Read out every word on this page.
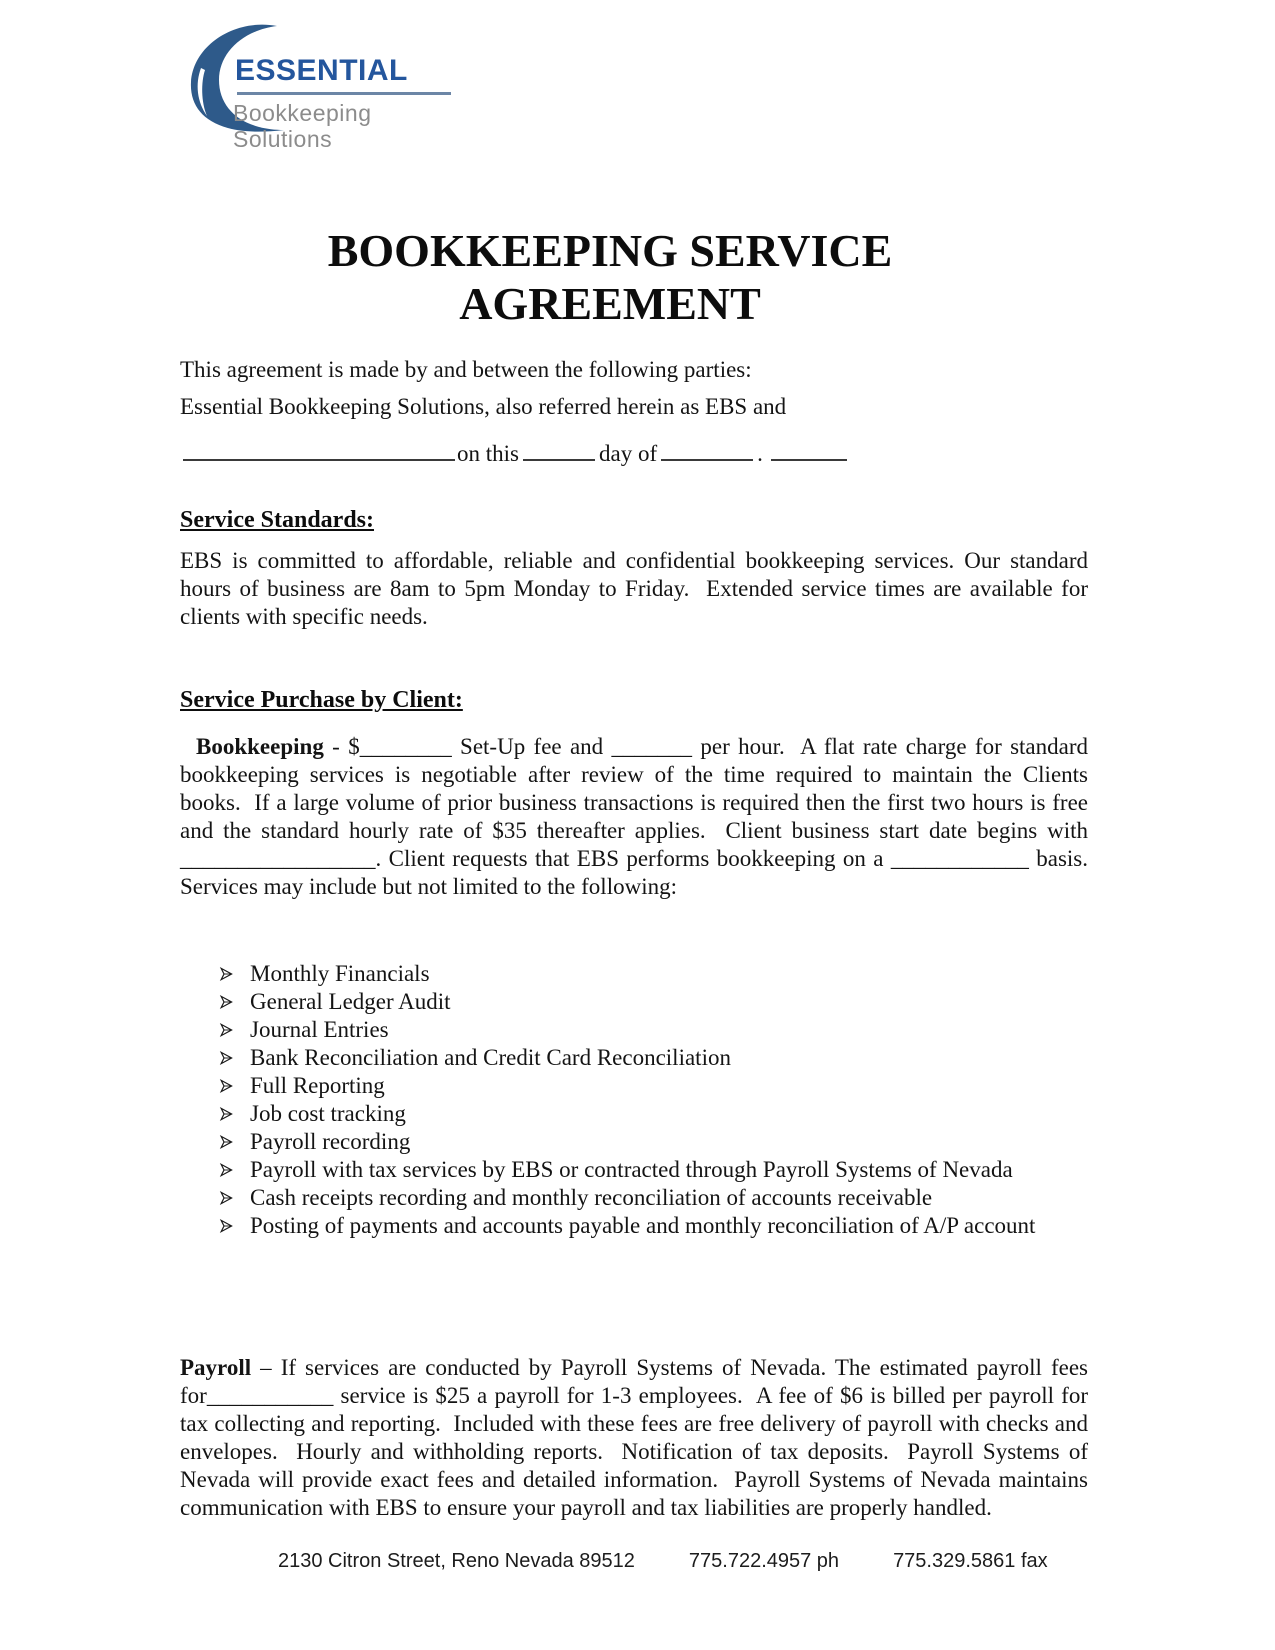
ESSENTIAL
Bookkeeping Solutions
BOOKKEEPING SERVICE
AGREEMENT

This agreement is made by and between the following parties:

Essential Bookkeeping Solutions, also referred herein as EBS and

on this	day of	.
Service Standards:

EBS is committed to affordable, reliable and confidential bookkeeping services. Our standard hours of business are 8am to 5pm Monday to Friday.  Extended service times are available for clients with specific needs.

Service Purchase by Client:

Bookkeeping - $________ Set-Up fee and _______ per hour.  A flat rate charge for standard bookkeeping services is negotiable after review of the time required to maintain the Clients books.  If a large volume of prior business transactions is required then the first two hours is free and the standard hourly rate of $35 thereafter applies.  Client business start date begins with _________________. Client requests that EBS performs bookkeeping on a ____________ basis. Services may include but not limited to the following:

Monthly Financials
General Ledger Audit
Journal Entries
Bank Reconciliation and Credit Card Reconciliation
Full Reporting
Job cost tracking
Payroll recording
Payroll with tax services by EBS or contracted through Payroll Systems of Nevada
Cash receipts recording and monthly reconciliation of accounts receivable
Posting of payments and accounts payable and monthly reconciliation of A/P account

Payroll – If services are conducted by Payroll Systems of Nevada. The estimated payroll fees for___________ service is $25 a payroll for 1-3 employees.  A fee of $6 is billed per payroll for tax collecting and reporting.  Included with these fees are free delivery of payroll with checks and envelopes.  Hourly and withholding reports.  Notification of tax deposits.  Payroll Systems of Nevada will provide exact fees and detailed information.  Payroll Systems of Nevada maintains communication with EBS to ensure your payroll and tax liabilities are properly handled.

2130 Citron Street, Reno Nevada 89512	775.722.4957 ph	775.329.5861 fax
